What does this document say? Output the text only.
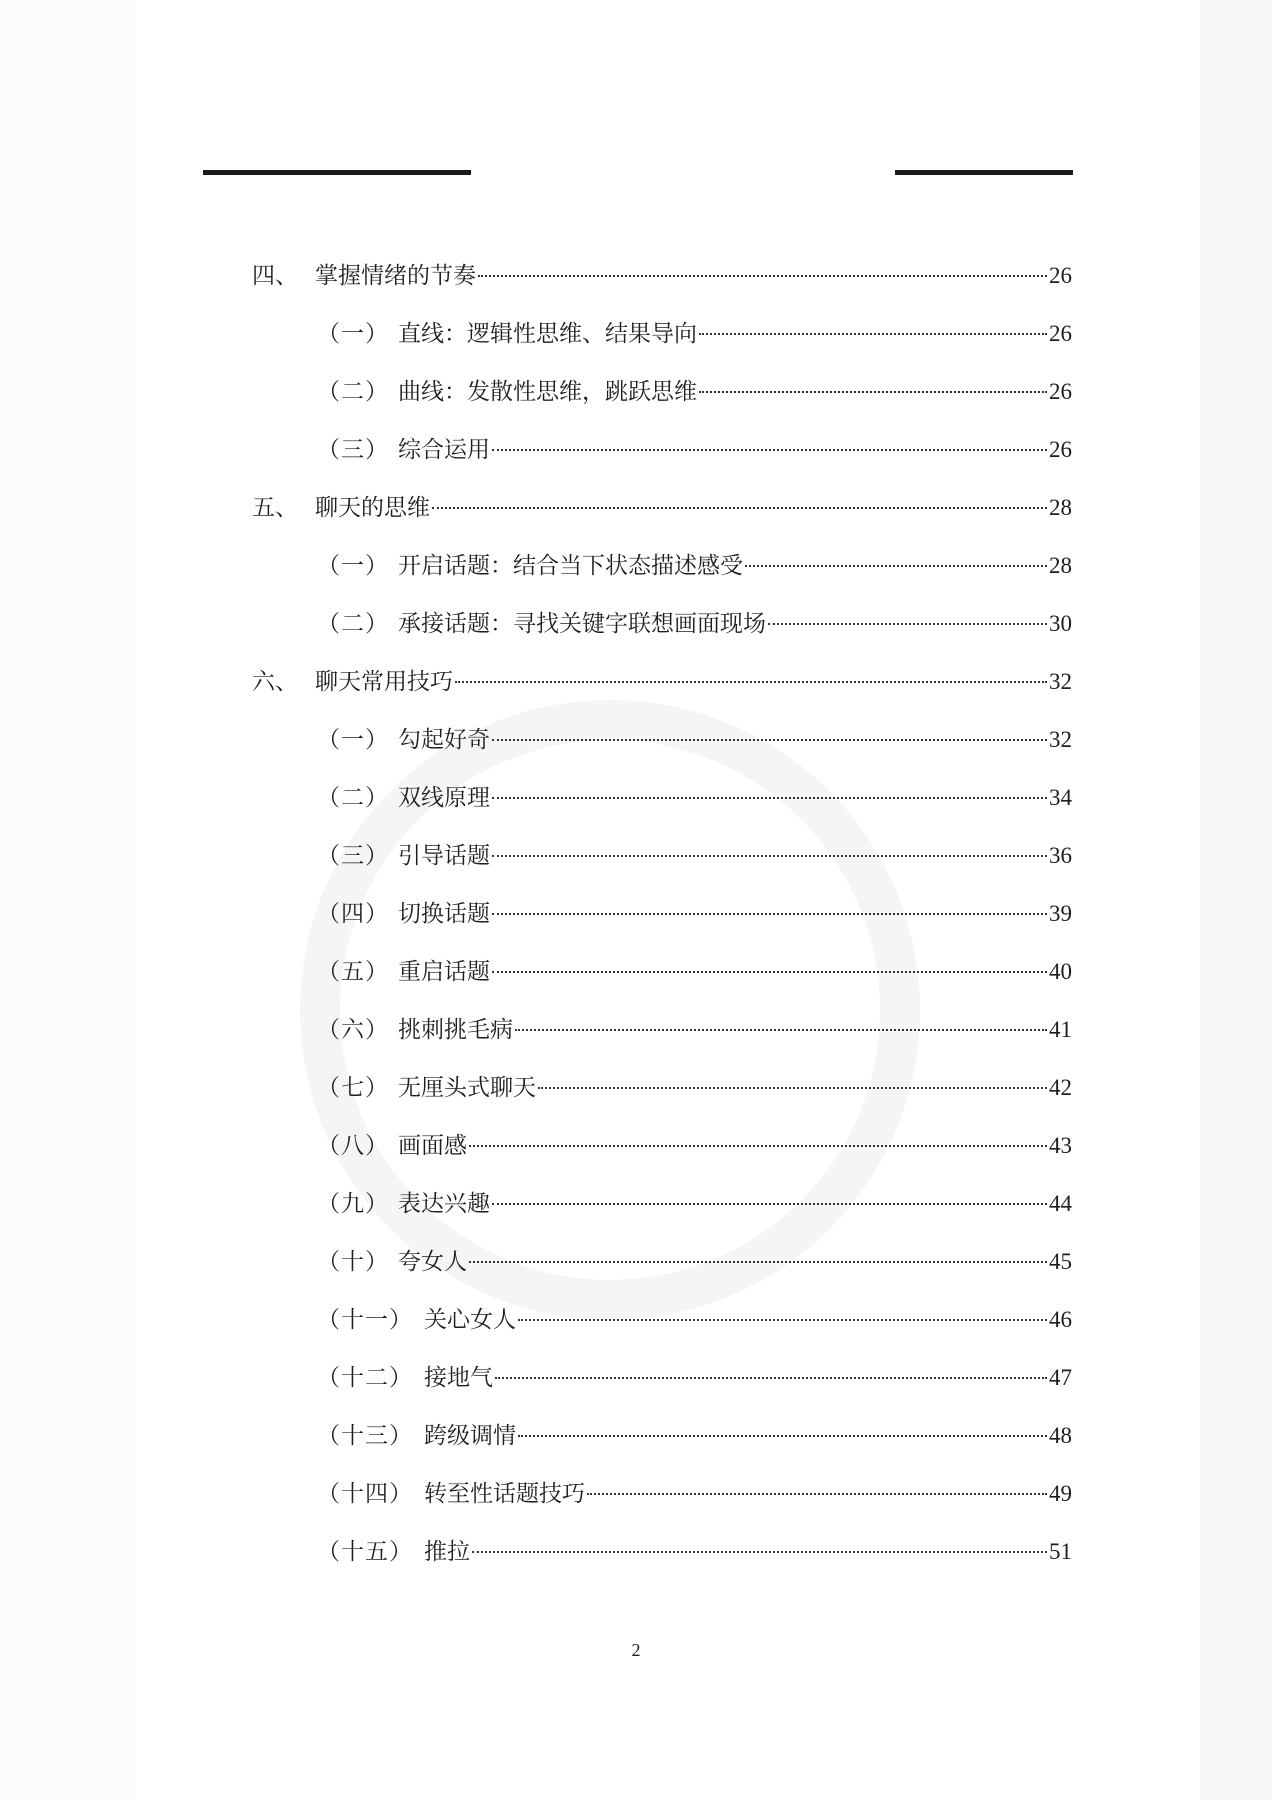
四、 掌握情绪的节奏	26
（一） 直线：逻辑性思维、结果导向	26
（二） 曲线：发散性思维，跳跃思维	26
（三） 综合运用	26
五、 聊天的思维	28
（一） 开启话题：结合当下状态描述感受	28
（二） 承接话题：寻找关键字联想画面现场	30
六、 聊天常用技巧	32
（一） 勾起好奇	32
（二） 双线原理	34
（三） 引导话题	36
（四） 切换话题	39
（五） 重启话题	40
（六） 挑刺挑毛病	41
（七） 无厘头式聊天	42
（八） 画面感	43
（九） 表达兴趣	44
（十） 夸女人	45
（十一） 关心女人	46
（十二） 接地气	47
（十三） 跨级调情	48
（十四） 转至性话题技巧	49
（十五） 推拉	51
2
